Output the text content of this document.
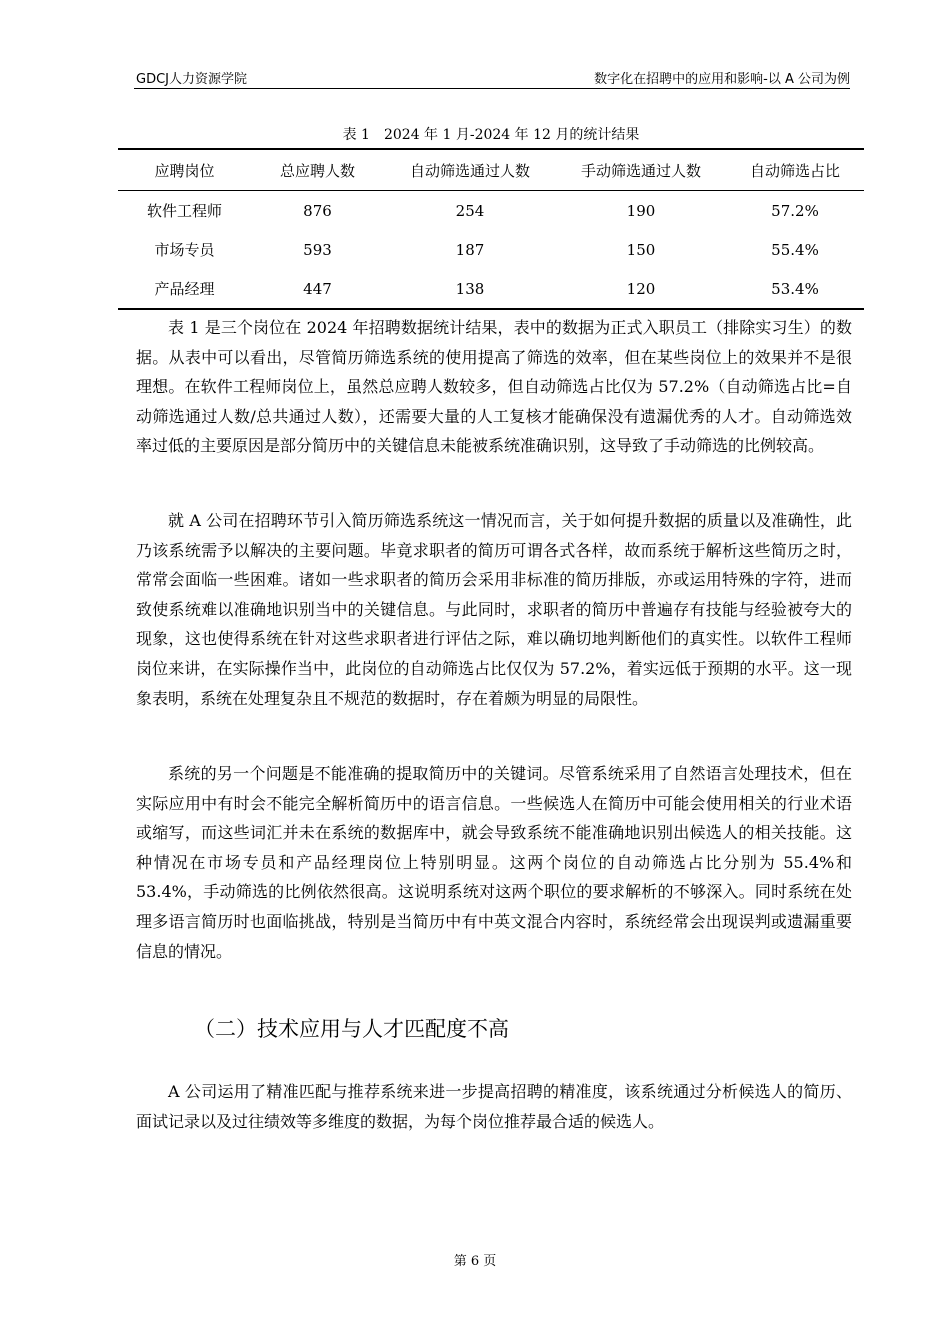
GDCJ人力资源学院	数字化在招聘中的应用和影响-以 A 公司为例
表 1　2024 年 1 月-2024 年 12 月的统计结果
应聘岗位	总应聘人数	自动筛选通过人数	手动筛选通过人数	自动筛选占比
软件工程师	876	254	190	57.2%
市场专员	593	187	150	55.4%
产品经理	447	138	120	53.4%

表 1 是三个岗位在 2024 年招聘数据统计结果，表中的数据为正式入职员工（排除实习生）的数据。从表中可以看出，尽管简历筛选系统的使用提高了筛选的效率，但在某些岗位上的效果并不是很理想。在软件工程师岗位上，虽然总应聘人数较多，但自动筛选占比仅为 57.2%（自动筛选占比=自动筛选通过人数/总共通过人数），还需要大量的人工复核才能确保没有遗漏优秀的人才。自动筛选效率过低的主要原因是部分简历中的关键信息未能被系统准确识别，这导致了手动筛选的比例较高。

就 A 公司在招聘环节引入简历筛选系统这一情况而言，关于如何提升数据的质量以及准确性，此乃该系统需予以解决的主要问题。毕竟求职者的简历可谓各式各样，故而系统于解析这些简历之时，常常会面临一些困难。诸如一些求职者的简历会采用非标准的简历排版，亦或运用特殊的字符，进而致使系统难以准确地识别当中的关键信息。与此同时，求职者的简历中普遍存有技能与经验被夸大的现象，这也使得系统在针对这些求职者进行评估之际，难以确切地判断他们的真实性。以软件工程师岗位来讲，在实际操作当中，此岗位的自动筛选占比仅仅为 57.2%，着实远低于预期的水平。这一现象表明，系统在处理复杂且不规范的数据时，存在着颇为明显的局限性。

系统的另一个问题是不能准确的提取简历中的关键词。尽管系统采用了自然语言处理技术，但在实际应用中有时会不能完全解析简历中的语言信息。一些候选人在简历中可能会使用相关的行业术语或缩写，而这些词汇并未在系统的数据库中，就会导致系统不能准确地识别出候选人的相关技能。这种情况在市场专员和产品经理岗位上特别明显。这两个岗位的自动筛选占比分别为 55.4%和 53.4%，手动筛选的比例依然很高。这说明系统对这两个职位的要求解析的不够深入。同时系统在处理多语言简历时也面临挑战，特别是当简历中有中英文混合内容时，系统经常会出现误判或遗漏重要信息的情况。

（二）技术应用与人才匹配度不高

A 公司运用了精准匹配与推荐系统来进一步提高招聘的精准度，该系统通过分析候选人的简历、面试记录以及过往绩效等多维度的数据，为每个岗位推荐最合适的候选人。

第 6 页
